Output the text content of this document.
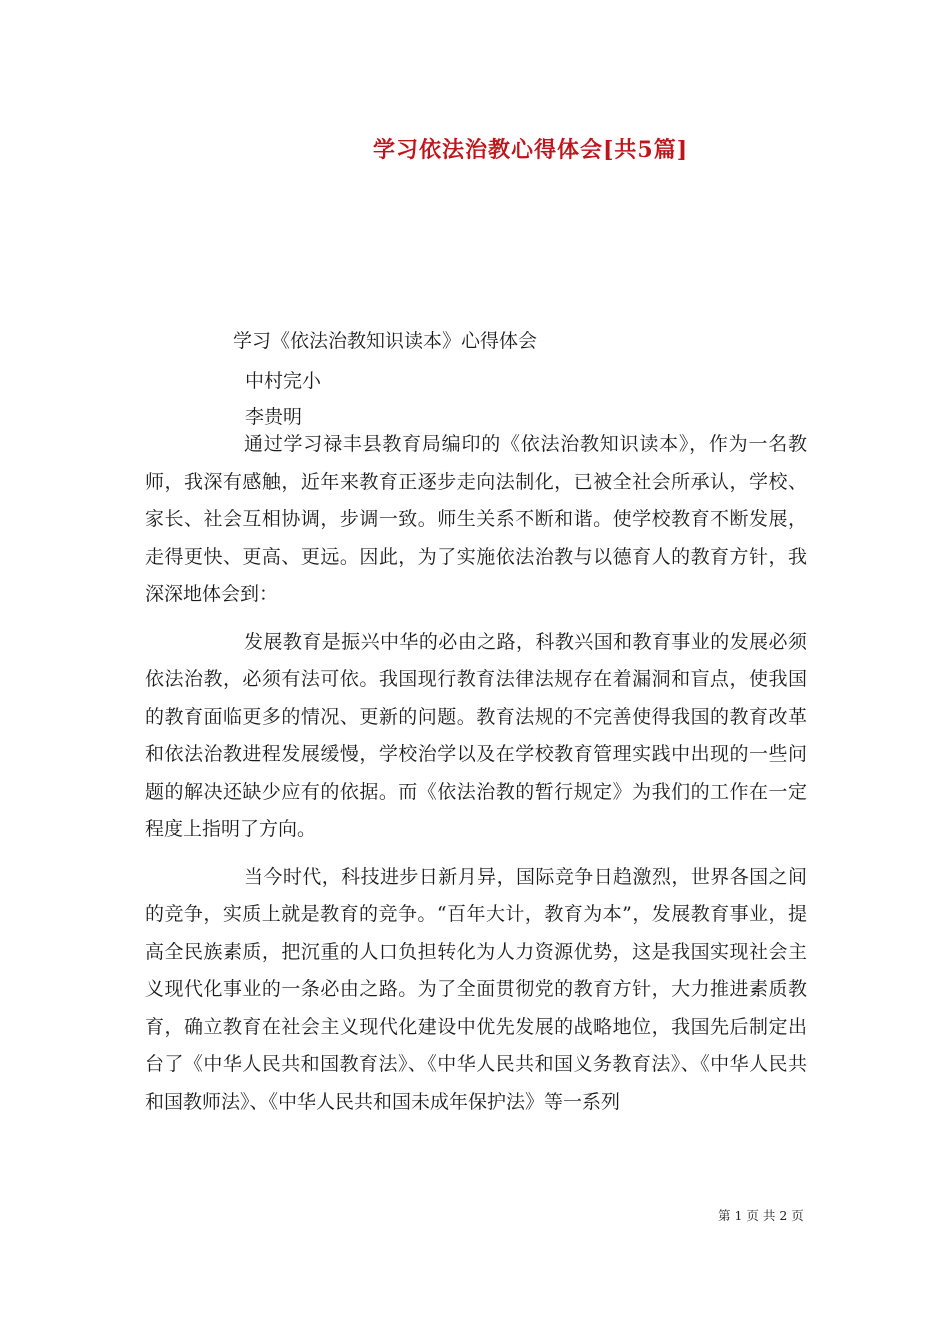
学习依法治教心得体会[共5篇]
学习《依法治教知识读本》心得体会
中村完小
李贵明

通过学习禄丰县教育局编印的《依法治教知识读本》，作为一名教师，我深有感触，近年来教育正逐步走向法制化，已被全社会所承认，学校、家长、社会互相协调，步调一致。师生关系不断和谐。使学校教育不断发展，走得更快、更高、更远。因此，为了实施依法治教与以德育人的教育方针，我深深地体会到：

发展教育是振兴中华的必由之路，科教兴国和教育事业的发展必须依法治教，必须有法可依。我国现行教育法律法规存在着漏洞和盲点，使我国的教育面临更多的情况、更新的问题。教育法规的不完善使得我国的教育改革和依法治教进程发展缓慢，学校治学以及在学校教育管理实践中出现的一些问题的解决还缺少应有的依据。而《依法治教的暂行规定》为我们的工作在一定程度上指明了方向。

当今时代，科技进步日新月异，国际竞争日趋激烈，世界各国之间的竞争，实质上就是教育的竞争。“百年大计，教育为本”，发展教育事业，提高全民族素质，把沉重的人口负担转化为人力资源优势，这是我国实现社会主义现代化事业的一条必由之路。为了全面贯彻党的教育方针，大力推进素质教育，确立教育在社会主义现代化建设中优先发展的战略地位，我国先后制定出台了《中华人民共和国教育法》、《中华人民共和国义务教育法》、《中华人民共和国教师法》、《中华人民共和国未成年保护法》等一系列

第 1 页 共 2 页
